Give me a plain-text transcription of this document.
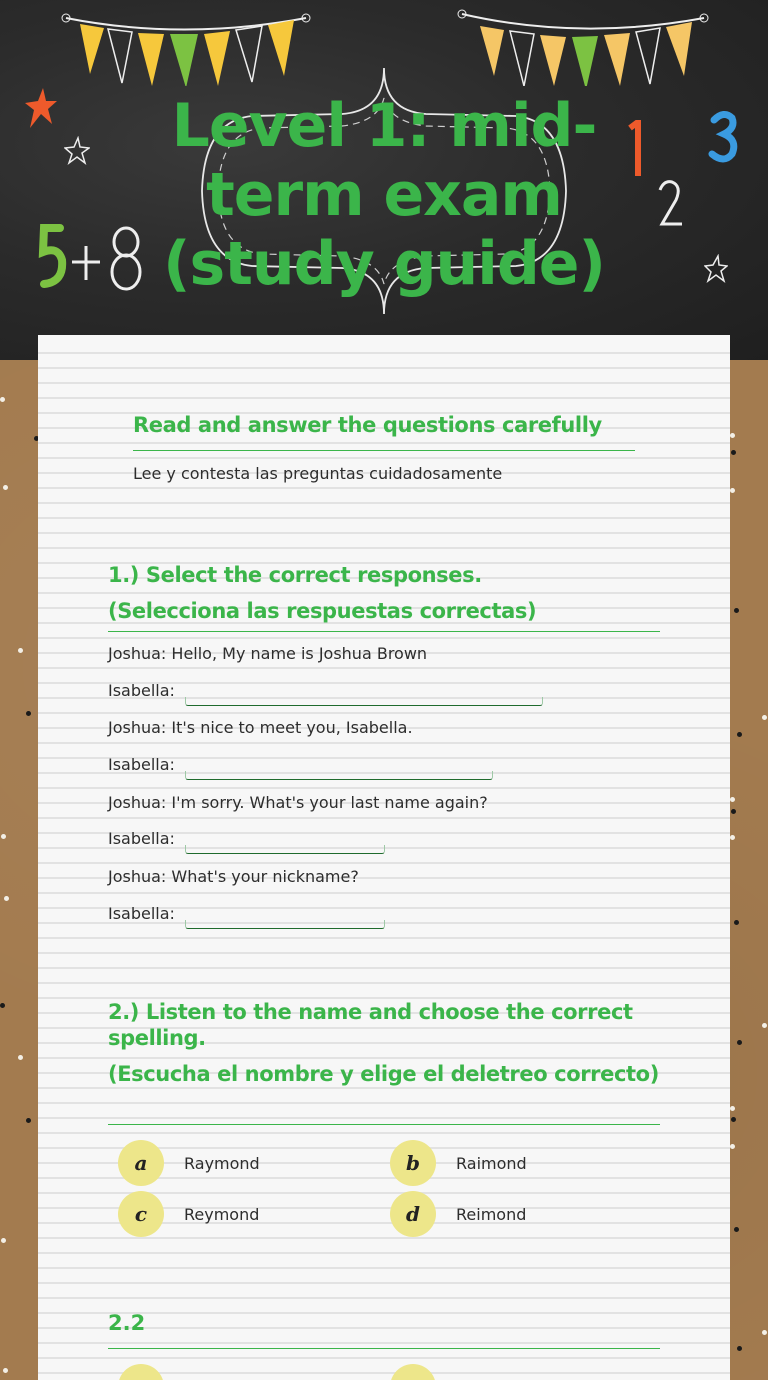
Level 1: mid-term exam (study guide)
Read and answer the questions carefully

Lee y contesta las preguntas cuidadosamente

1.) Select the correct responses.
(Selecciona las respuestas correctas)

Joshua: Hello, My name is Joshua Brown

Isabella:

Joshua: It's nice to meet you, Isabella.

Isabella:

Joshua: I'm sorry. What's your last name again?

Isabella:

Joshua: What's your nickname?

Isabella:

2.) Listen to the name and choose the correct spelling.
(Escucha el nombre y elige el deletreo correcto)
a	Raymond	b	Raimond
c	Reymond	d	Reimond
2.2
